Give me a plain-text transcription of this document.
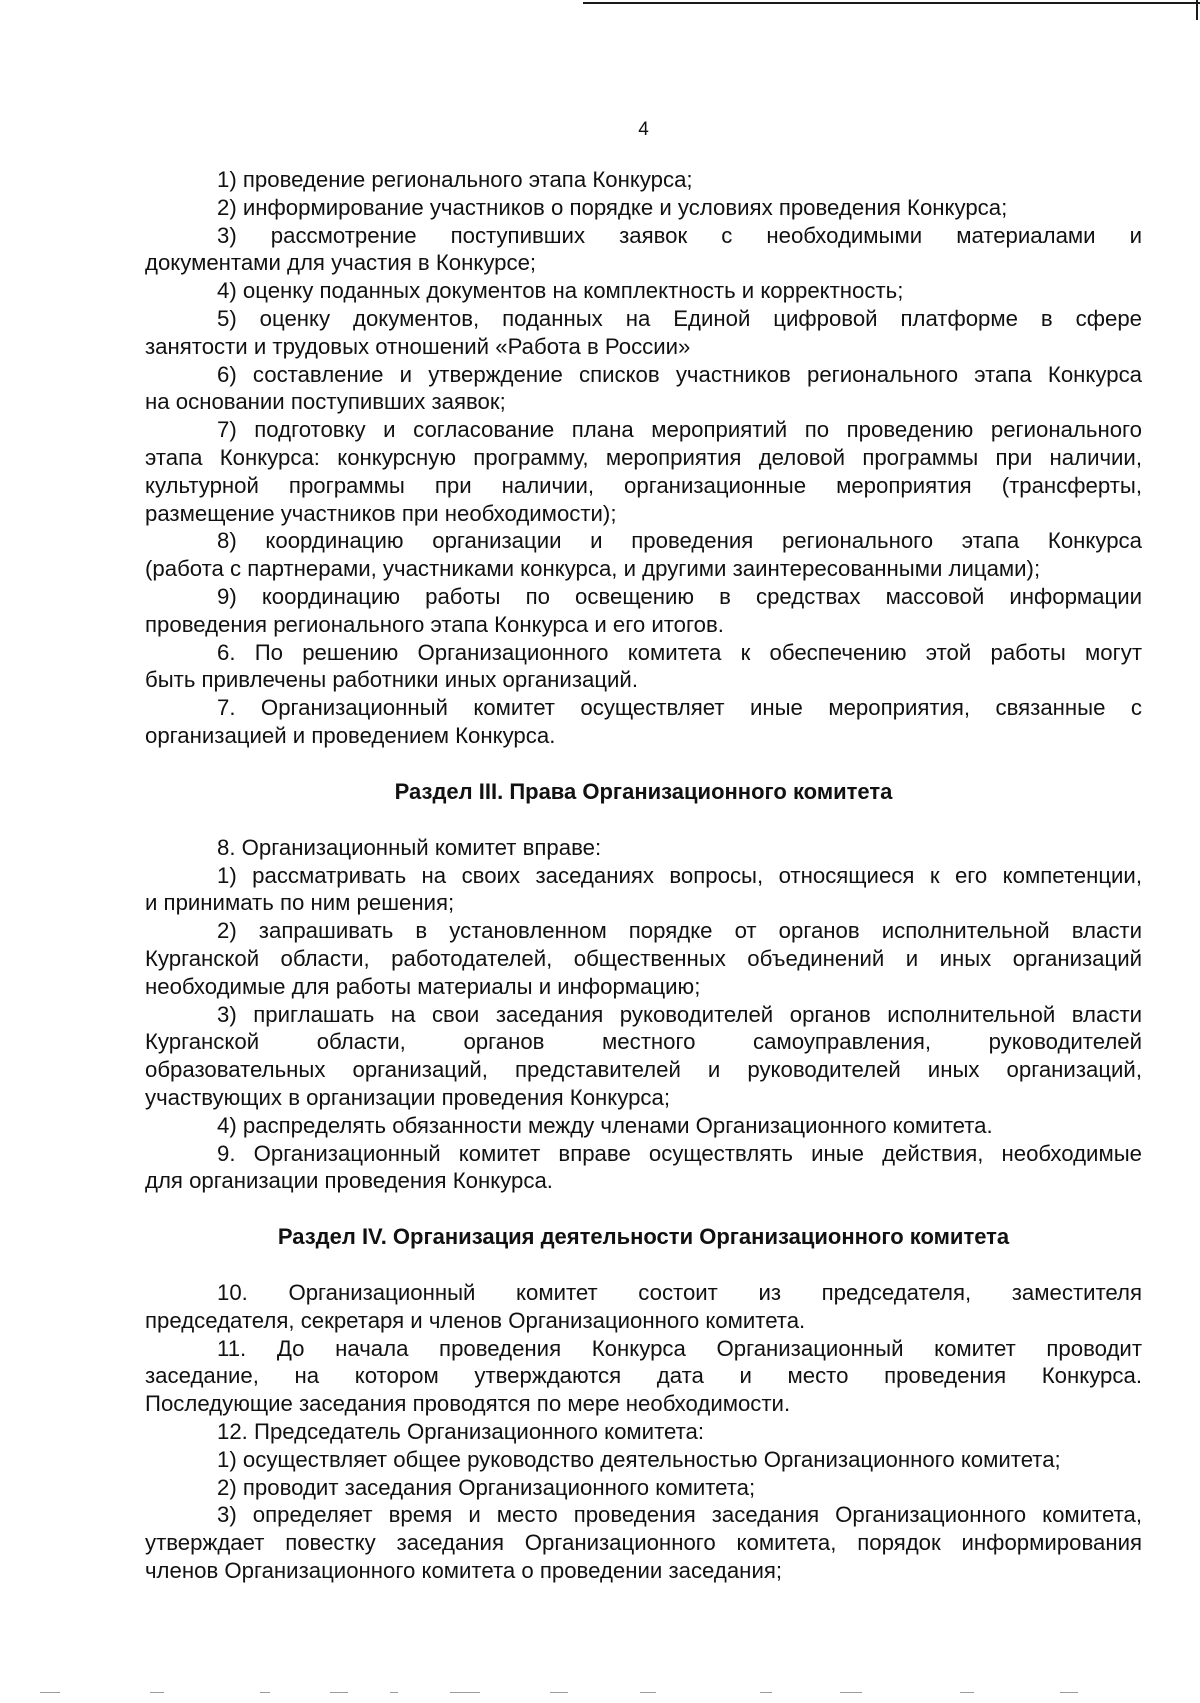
4
1) проведение регионального этапа Конкурса;
2) информирование участников о порядке и условиях проведения Конкурса;
3) рассмотрение поступивших заявок с необходимыми материалами и
документами для участия в Конкурсе;
4) оценку поданных документов на комплектность и корректность;
5) оценку документов, поданных на Единой цифровой платформе в сфере
занятости и трудовых отношений «Работа в России»
6) составление и утверждение списков участников регионального этапа Конкурса
на основании поступивших заявок;
7) подготовку и согласование плана мероприятий по проведению регионального
этапа Конкурса: конкурсную программу, мероприятия деловой программы при наличии,
культурной программы при наличии, организационные мероприятия (трансферты,
размещение участников при необходимости);
8) координацию организации и проведения регионального этапа Конкурса
(работа с партнерами, участниками конкурса, и другими заинтересованными лицами);
9) координацию работы по освещению в средствах массовой информации
проведения регионального этапа Конкурса и его итогов.
6. По решению Организационного комитета к обеспечению этой работы могут
быть привлечены работники иных организаций.
7. Организационный комитет осуществляет иные мероприятия, связанные с
организацией и проведением Конкурса.
Раздел III. Права Организационного комитета
8. Организационный комитет вправе:
1) рассматривать на своих заседаниях вопросы, относящиеся к его компетенции,
и принимать по ним решения;
2) запрашивать в установленном порядке от органов исполнительной власти
Курганской области, работодателей, общественных объединений и иных организаций
необходимые для работы материалы и информацию;
3) приглашать на свои заседания руководителей органов исполнительной власти
Курганской области, органов местного самоуправления, руководителей
образовательных организаций, представителей и руководителей иных организаций,
участвующих в организации проведения Конкурса;
4) распределять обязанности между членами Организационного комитета.
9. Организационный комитет вправе осуществлять иные действия, необходимые
для организации проведения Конкурса.
Раздел IV. Организация деятельности Организационного комитета
10. Организационный комитет состоит из председателя, заместителя
председателя, секретаря и членов Организационного комитета.
11. До начала проведения Конкурса Организационный комитет проводит
заседание, на котором утверждаются дата и место проведения Конкурса.
Последующие заседания проводятся по мере необходимости.
12. Председатель Организационного комитета:
1) осуществляет общее руководство деятельностью Организационного комитета;
2) проводит заседания Организационного комитета;
3) определяет время и место проведения заседания Организационного комитета,
утверждает повестку заседания Организационного комитета, порядок информирования
членов Организационного комитета о проведении заседания;
